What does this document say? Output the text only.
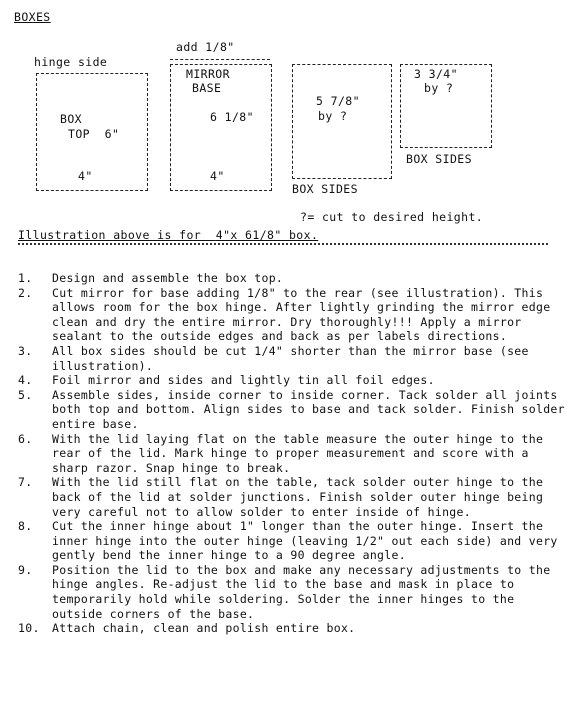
BOXES
add 1/8"
hinge side
BOX
TOP  6"
4"
MIRROR
BASE
6 1/8"
4"
5 7/8"
by ?
BOX SIDES
3 3/4"
by ?
BOX SIDES
?= cut to desired height.
Illustration above is for  4"x 61/8" box.
1.	Design and assemble the box top.
2.	Cut mirror for base adding 1/8" to the rear (see illustration). This allows room for the box hinge. After lightly grinding the mirror edge clean and dry the entire mirror. Dry thoroughly!!! Apply a mirror sealant to the outside edges and back as per labels directions.
3.	All box sides should be cut 1/4" shorter than the mirror base (see illustration).
4.	Foil mirror and sides and lightly tin all foil edges.
5.	Assemble sides, inside corner to inside corner. Tack solder all joints both top and bottom. Align sides to base and tack solder. Finish solder entire base.
6.	With the lid laying flat on the table measure the outer hinge to the rear of the lid. Mark hinge to proper measurement and score with a sharp razor. Snap hinge to break.
7.	With the lid still flat on the table, tack solder outer hinge to the back of the lid at solder junctions. Finish solder outer hinge being very careful not to allow solder to enter inside of hinge.
8.	Cut the inner hinge about 1" longer than the outer hinge. Insert the inner hinge into the outer hinge (leaving 1/2" out each side) and very gently bend the inner hinge to a 90 degree angle.
9.	Position the lid to the box and make any necessary adjustments to the hinge angles. Re-adjust the lid to the base and mask in place to temporarily hold while soldering. Solder the inner hinges to the outside corners of the base.
10.	Attach chain, clean and polish entire box.
